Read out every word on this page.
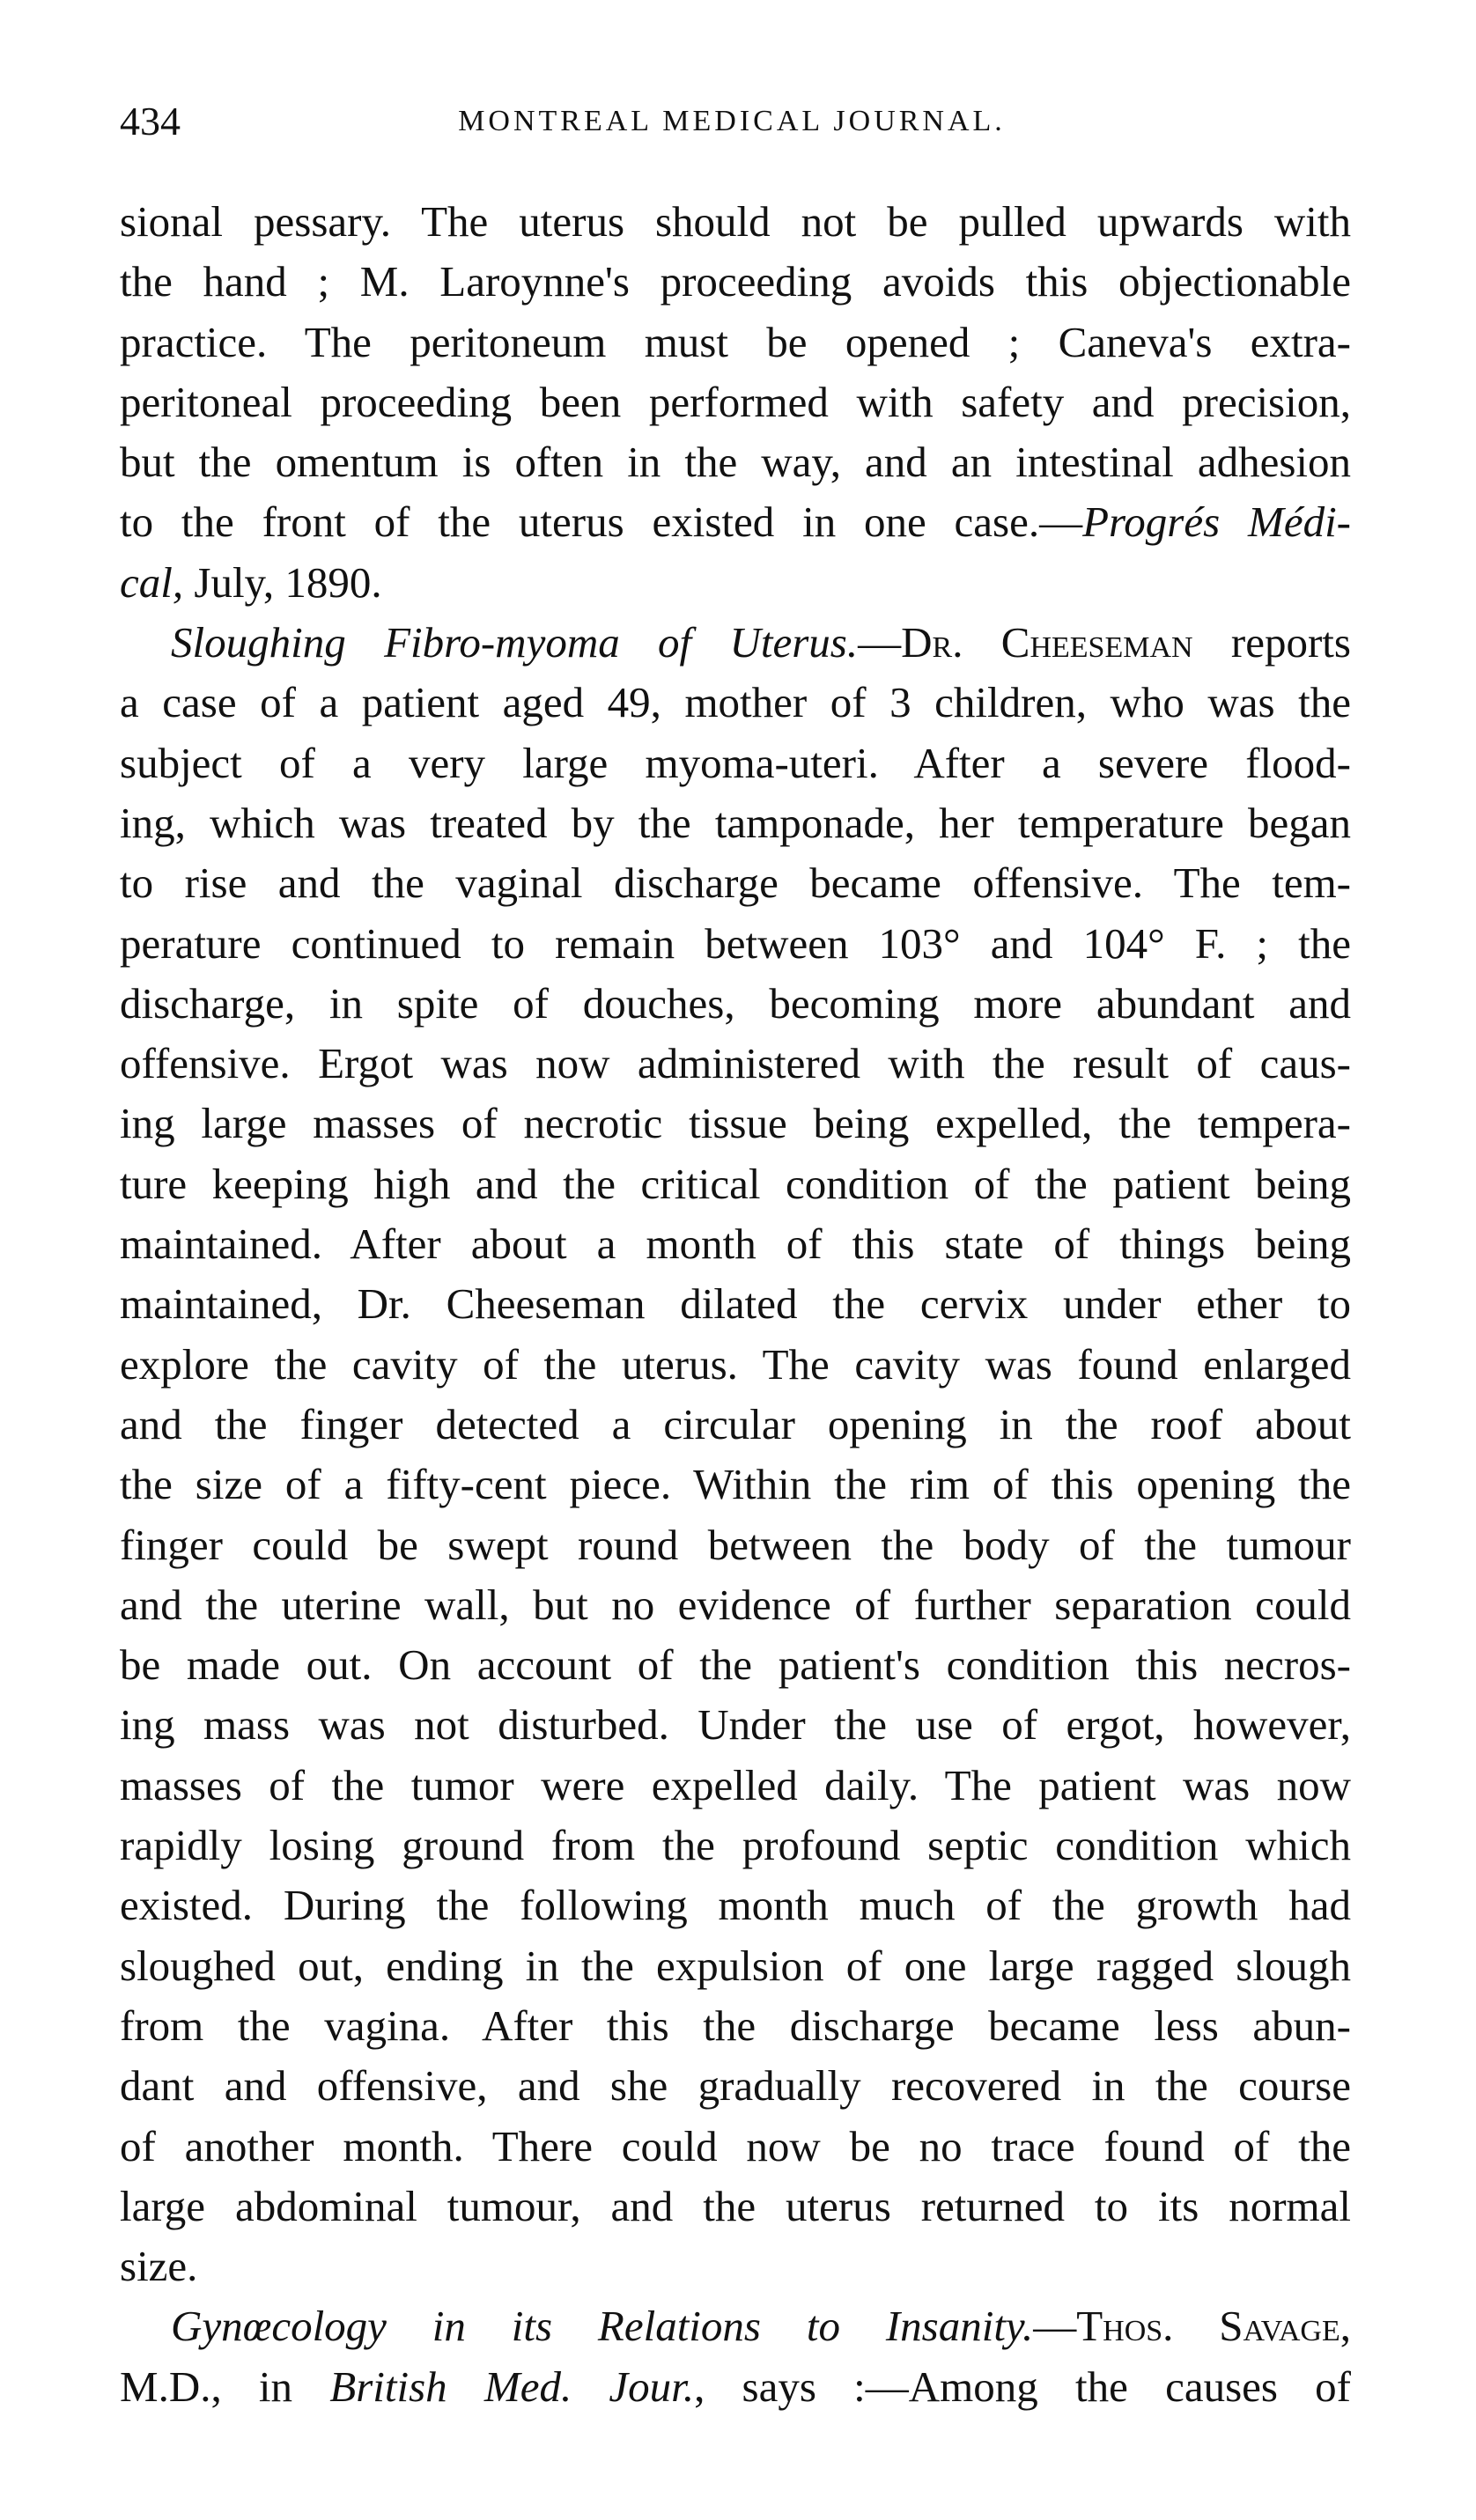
434	MONTREAL MEDICAL JOURNAL.
sional pessary. The uterus should not be pulled upwards with
the hand ; M. Laroynne's proceeding avoids this objectionable
practice. The peritoneum must be opened ; Caneva's extra-
peritoneal proceeding been performed with safety and precision,
but the omentum is often in the way, and an intestinal adhesion
to the front of the uterus existed in one case.—Progrés Médi-
cal, July, 1890.
Sloughing Fibro-myoma of Uterus.—Dr. Cheeseman reports
a case of a patient aged 49, mother of 3 children, who was the
subject of a very large myoma-uteri. After a severe flood-
ing, which was treated by the tamponade, her temperature began
to rise and the vaginal discharge became offensive. The tem-
perature continued to remain between 103° and 104° F. ; the
discharge, in spite of douches, becoming more abundant and
offensive. Ergot was now administered with the result of caus-
ing large masses of necrotic tissue being expelled, the tempera-
ture keeping high and the critical condition of the patient being
maintained. After about a month of this state of things being
maintained, Dr. Cheeseman dilated the cervix under ether to
explore the cavity of the uterus. The cavity was found enlarged
and the finger detected a circular opening in the roof about
the size of a fifty-cent piece. Within the rim of this opening the
finger could be swept round between the body of the tumour
and the uterine wall, but no evidence of further separation could
be made out. On account of the patient's condition this necros-
ing mass was not disturbed. Under the use of ergot, however,
masses of the tumor were expelled daily. The patient was now
rapidly losing ground from the profound septic condition which
existed. During the following month much of the growth had
sloughed out, ending in the expulsion of one large ragged slough
from the vagina. After this the discharge became less abun-
dant and offensive, and she gradually recovered in the course
of another month. There could now be no trace found of the
large abdominal tumour, and the uterus returned to its normal
size.
Gynœcology in its Relations to Insanity.—Thos. Savage,
M.D., in British Med. Jour., says :—Among the causes of
